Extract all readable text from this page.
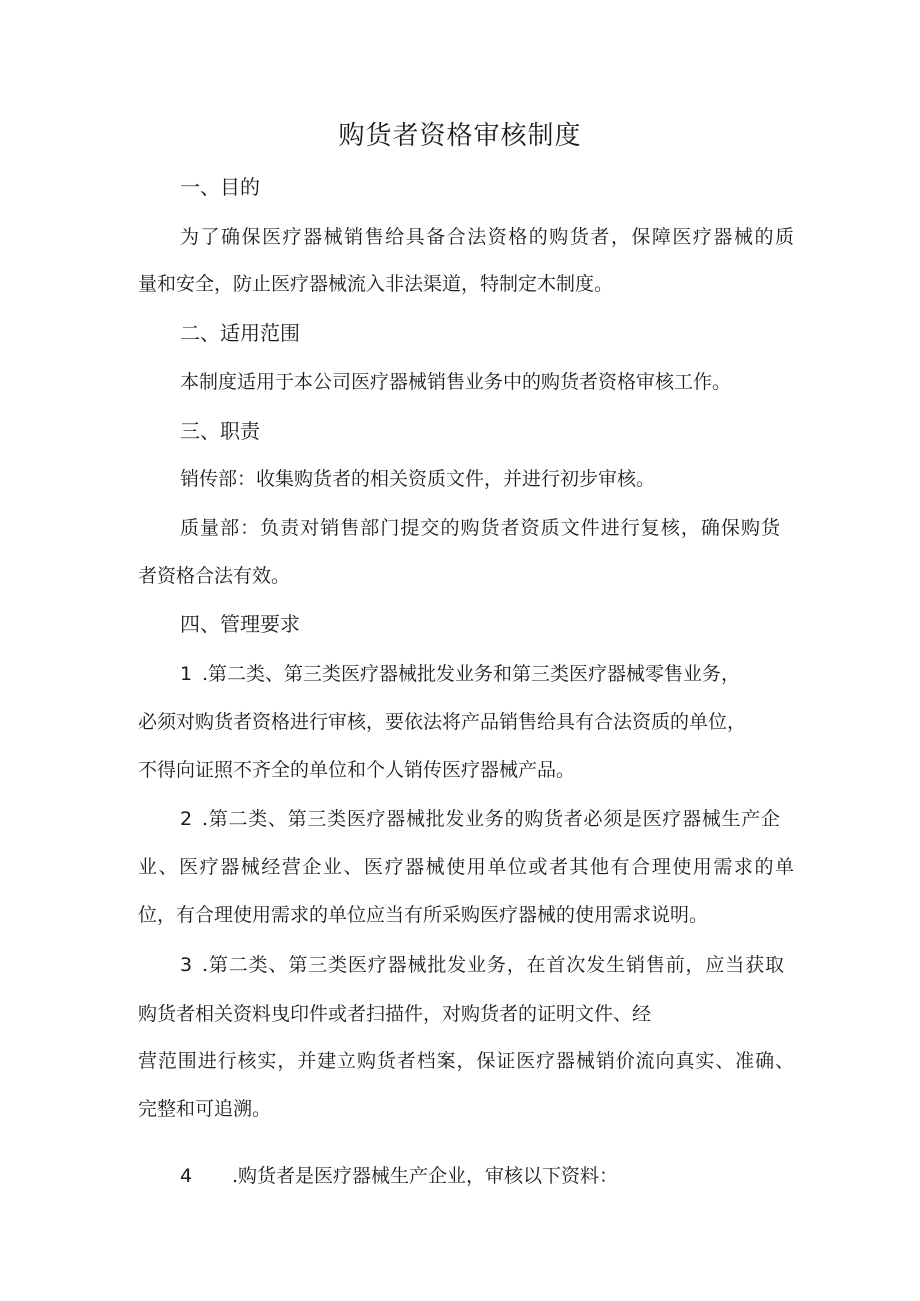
购货者资格审核制度
一、目的
为了确保医疗器械销售给具备合法资格的购货者，保障医疗器械的质
量和安全，防止医疗器械流入非法渠道，特制定木制度。
二、适用范围
本制度适用于本公司医疗器械销售业务中的购货者资格审核工作。
三、职责
销传部：收集购货者的相关资质文件，并进行初步审核。
质量部：负责对销售部门提交的购货者资质文件进行复核，确保购货
者资格合法有效。
四、管理要求
1 .第二类、第三类医疗器械批发业务和第三类医疗器械零售业务，
必须对购货者资格进行审核，要依法将产品销售给具有合法资质的单位，
不得向证照不齐全的单位和个人销传医疗器械产品。
2 .第二类、第三类医疗器械批发业务的购货者必须是医疗器械生产企
业、医疗器械经营企业、医疗器械使用单位或者其他有合理使用需求的单
位，有合理使用需求的单位应当有所采购医疗器械的使用需求说明。
3 .第二类、第三类医疗器械批发业务，在首次发生销售前，应当获取
购货者相关资料曳印件或者扫描件，对购货者的证明文件、经
营范围进行核实，并建立购货者档案，保证医疗器械销价流向真实、准确、
完整和可追溯。
4 .购货者是医疗器械生产企业，审核以下资料：
